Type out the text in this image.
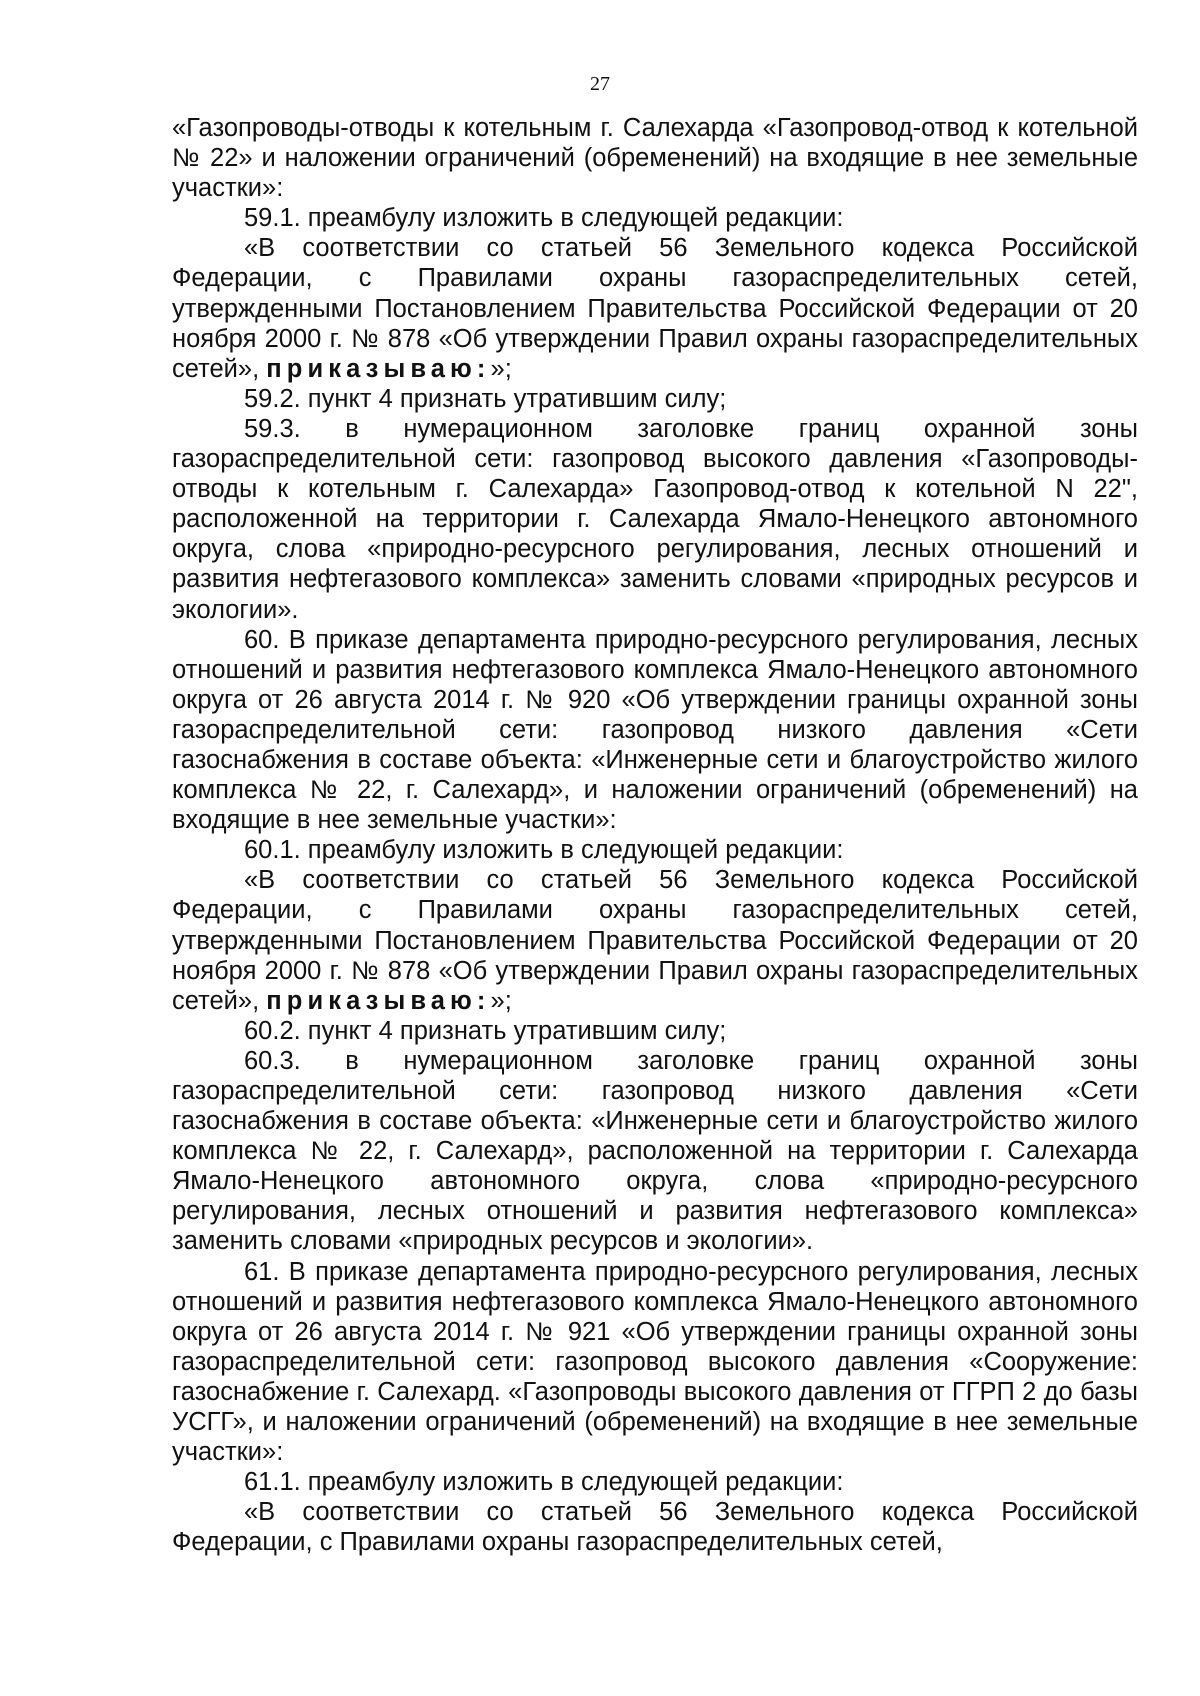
27

«Газопроводы-отводы к котельным г. Салехарда «Газопровод-отвод к котельной № 22» и наложении ограничений (обременений) на входящие в нее земельные участки»:

59.1. преамбулу изложить в следующей редакции:

«В соответствии со статьей 56 Земельного кодекса Российской Федерации, с Правилами охраны газораспределительных сетей, утвержденными Постановлением Правительства Российской Федерации от 20 ноября 2000 г. № 878 «Об утверждении Правил охраны газораспределительных сетей», приказываю:»;

59.2. пункт 4 признать утратившим силу;

59.3. в нумерационном заголовке границ охранной зоны газораспределительной сети: газопровод высокого давления «Газопроводы-отводы к котельным г. Салехарда» Газопровод-отвод к котельной N 22", расположенной на территории г. Салехарда Ямало-Ненецкого автономного округа, слова «природно-ресурсного регулирования, лесных отношений и развития нефтегазового комплекса» заменить словами «природных ресурсов и экологии».

60. В приказе департамента природно-ресурсного регулирования, лесных отношений и развития нефтегазового комплекса Ямало-Ненецкого автономного округа от 26 августа 2014 г. № 920 «Об утверждении границы охранной зоны газораспределительной сети: газопровод низкого давления «Сети газоснабжения в составе объекта: «Инженерные сети и благоустройство жилого комплекса № 22, г. Салехард», и наложении ограничений (обременений) на входящие в нее земельные участки»:

60.1. преамбулу изложить в следующей редакции:

«В соответствии со статьей 56 Земельного кодекса Российской Федерации, с Правилами охраны газораспределительных сетей, утвержденными Постановлением Правительства Российской Федерации от 20 ноября 2000 г. № 878 «Об утверждении Правил охраны газораспределительных сетей», приказываю:»;

60.2. пункт 4 признать утратившим силу;

60.3. в нумерационном заголовке границ охранной зоны газораспределительной сети: газопровод низкого давления «Сети газоснабжения в составе объекта: «Инженерные сети и благоустройство жилого комплекса № 22, г. Салехард», расположенной на территории г. Салехарда Ямало-Ненецкого автономного округа, слова «природно-ресурсного регулирования, лесных отношений и развития нефтегазового комплекса» заменить словами «природных ресурсов и экологии».

61. В приказе департамента природно-ресурсного регулирования, лесных отношений и развития нефтегазового комплекса Ямало-Ненецкого автономного округа от 26 августа 2014 г. № 921 «Об утверждении границы охранной зоны газораспределительной сети: газопровод высокого давления «Сооружение: газоснабжение г. Салехард. «Газопроводы высокого давления от ГГРП 2 до базы УСГГ», и наложении ограничений (обременений) на входящие в нее земельные участки»:

61.1. преамбулу изложить в следующей редакции:

«В соответствии со статьей 56 Земельного кодекса Российской Федерации, с Правилами охраны газораспределительных сетей,
